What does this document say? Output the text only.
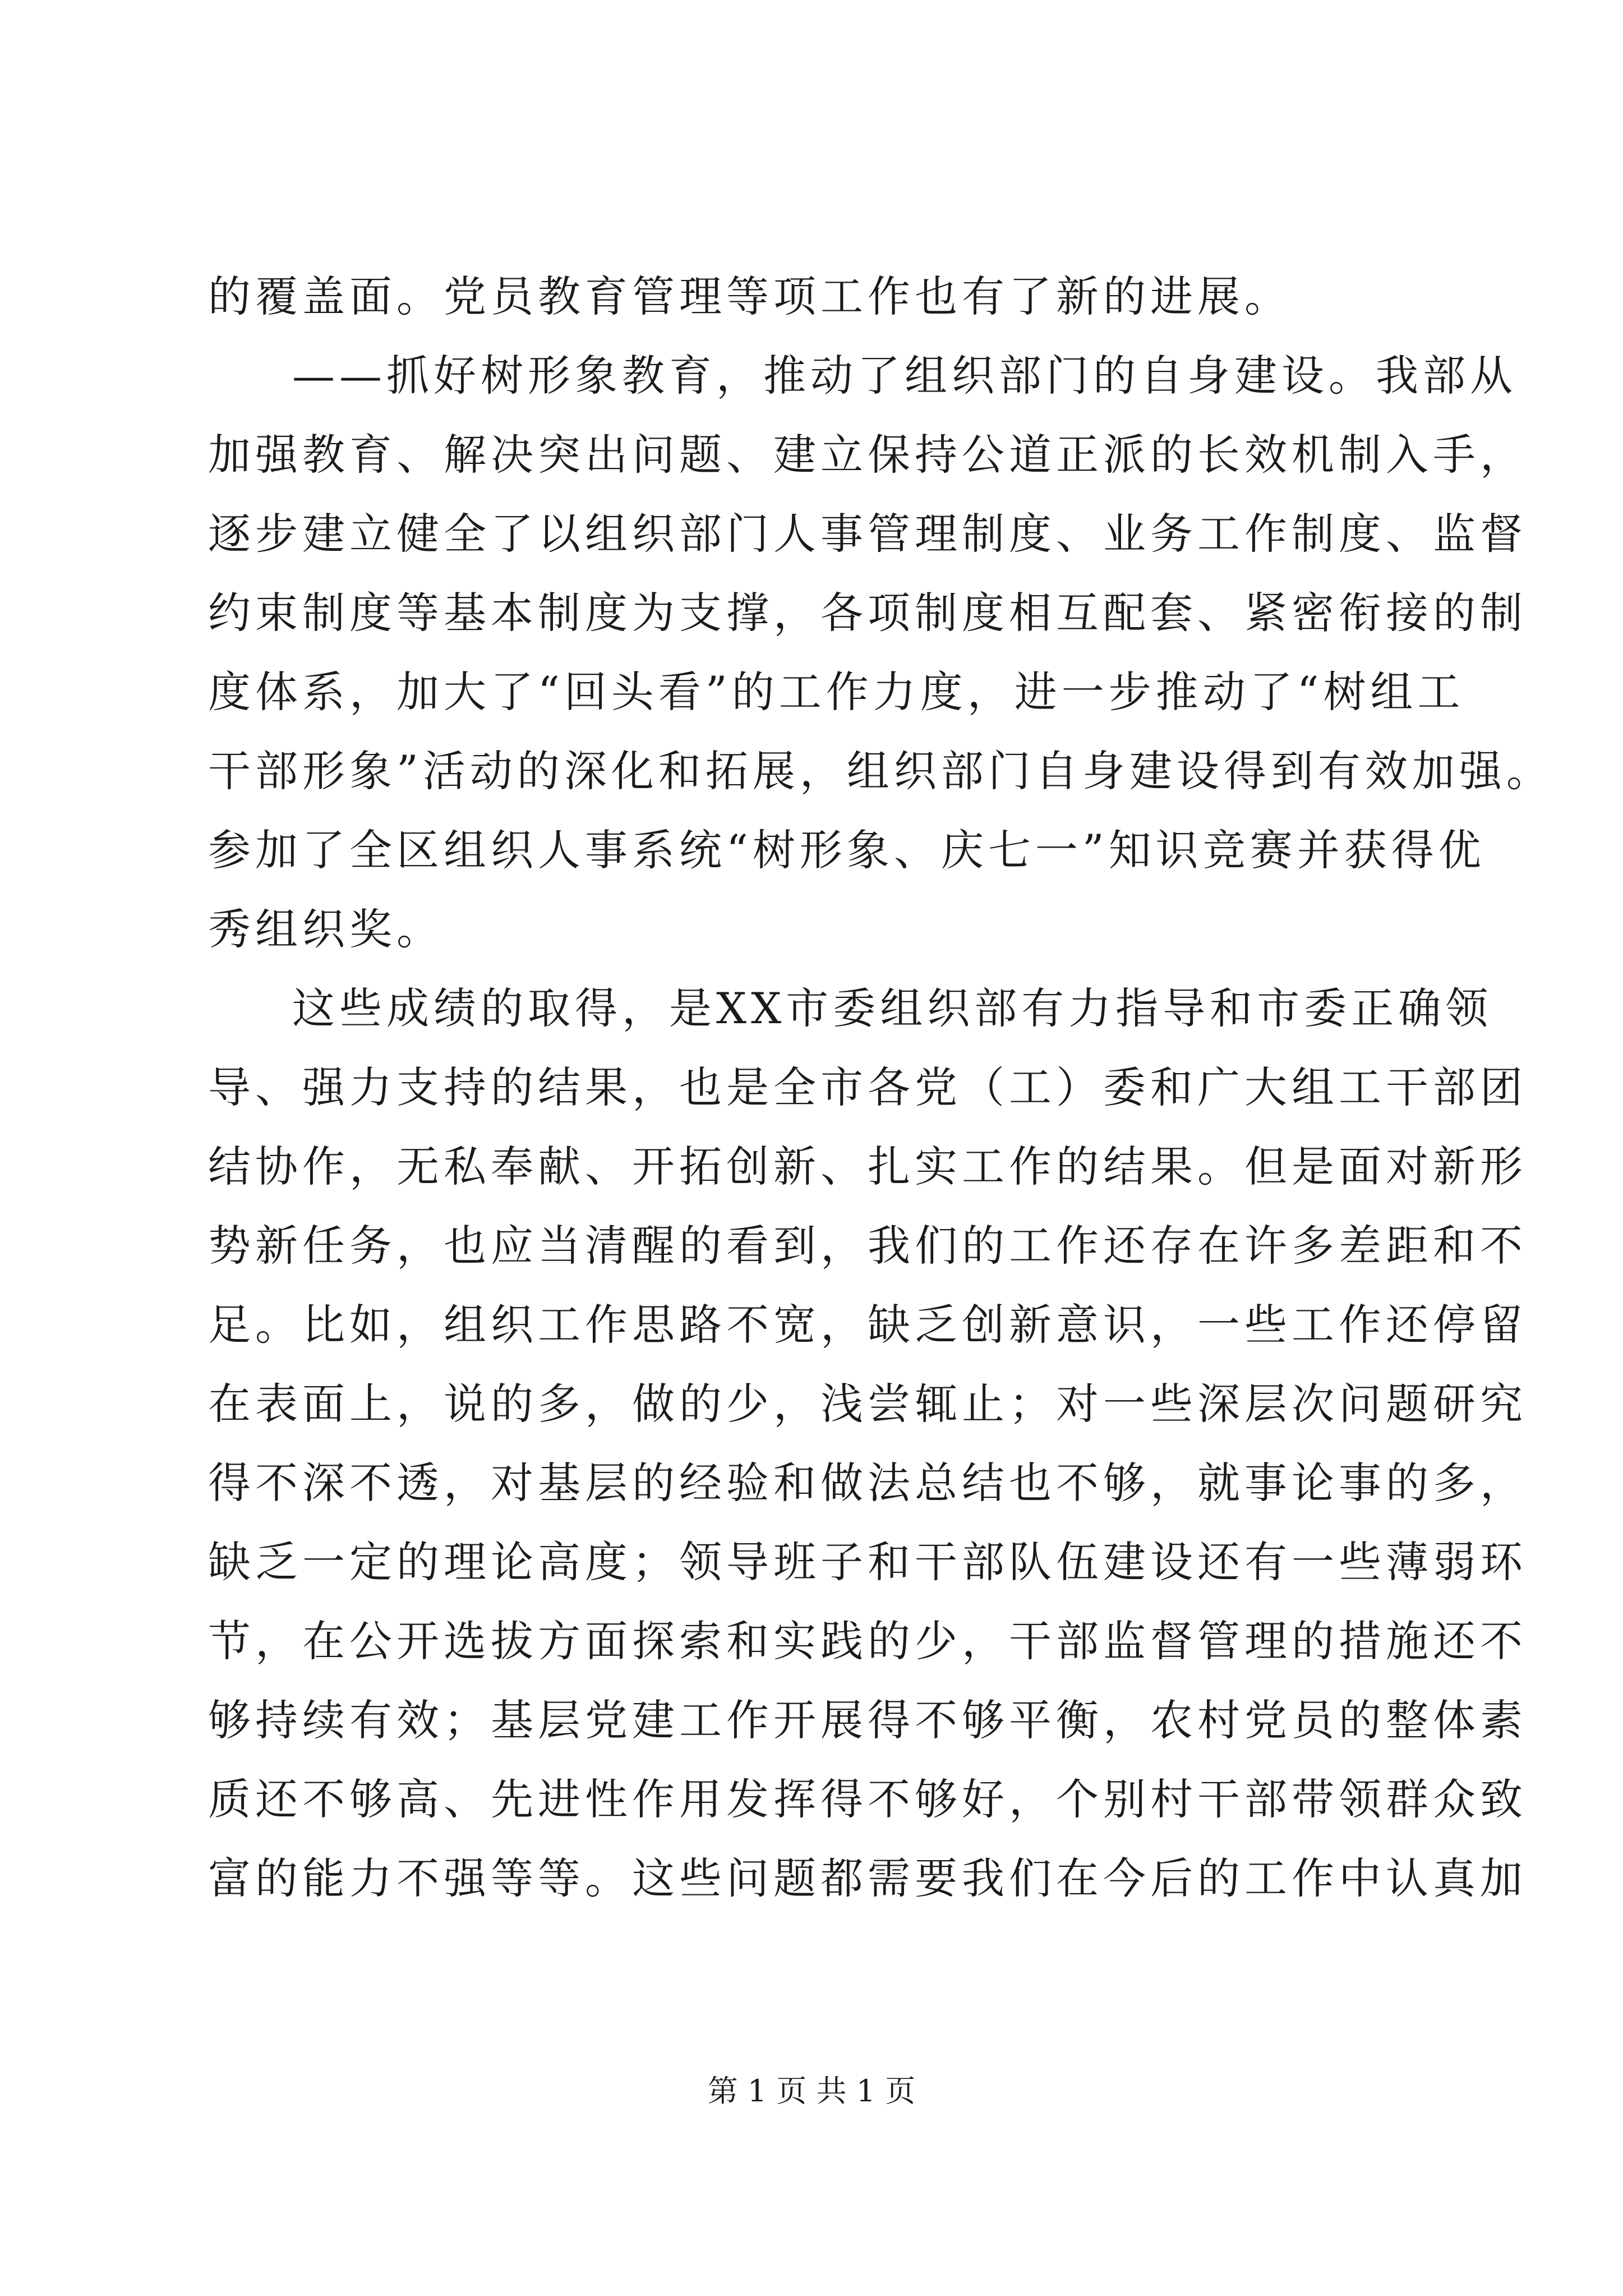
的覆盖面。党员教育管理等项工作也有了新的进展。
——抓好树形象教育，推动了组织部门的自身建设。我部从
加强教育、解决突出问题、建立保持公道正派的长效机制入手，
逐步建立健全了以组织部门人事管理制度、业务工作制度、监督
约束制度等基本制度为支撑，各项制度相互配套、紧密衔接的制
度体系，加大了“回头看”的工作力度，进一步推动了“树组工
干部形象”活动的深化和拓展，组织部门自身建设得到有效加强。
参加了全区组织人事系统“树形象、庆七一”知识竞赛并获得优
秀组织奖。
这些成绩的取得，是XX市委组织部有力指导和市委正确领
导、强力支持的结果，也是全市各党（工）委和广大组工干部团
结协作，无私奉献、开拓创新、扎实工作的结果。但是面对新形
势新任务，也应当清醒的看到，我们的工作还存在许多差距和不
足。比如，组织工作思路不宽，缺乏创新意识，一些工作还停留
在表面上，说的多，做的少，浅尝辄止；对一些深层次问题研究
得不深不透，对基层的经验和做法总结也不够，就事论事的多，
缺乏一定的理论高度；领导班子和干部队伍建设还有一些薄弱环
节，在公开选拔方面探索和实践的少，干部监督管理的措施还不
够持续有效；基层党建工作开展得不够平衡，农村党员的整体素
质还不够高、先进性作用发挥得不够好，个别村干部带领群众致
富的能力不强等等。这些问题都需要我们在今后的工作中认真加
第 1 页 共 1 页
